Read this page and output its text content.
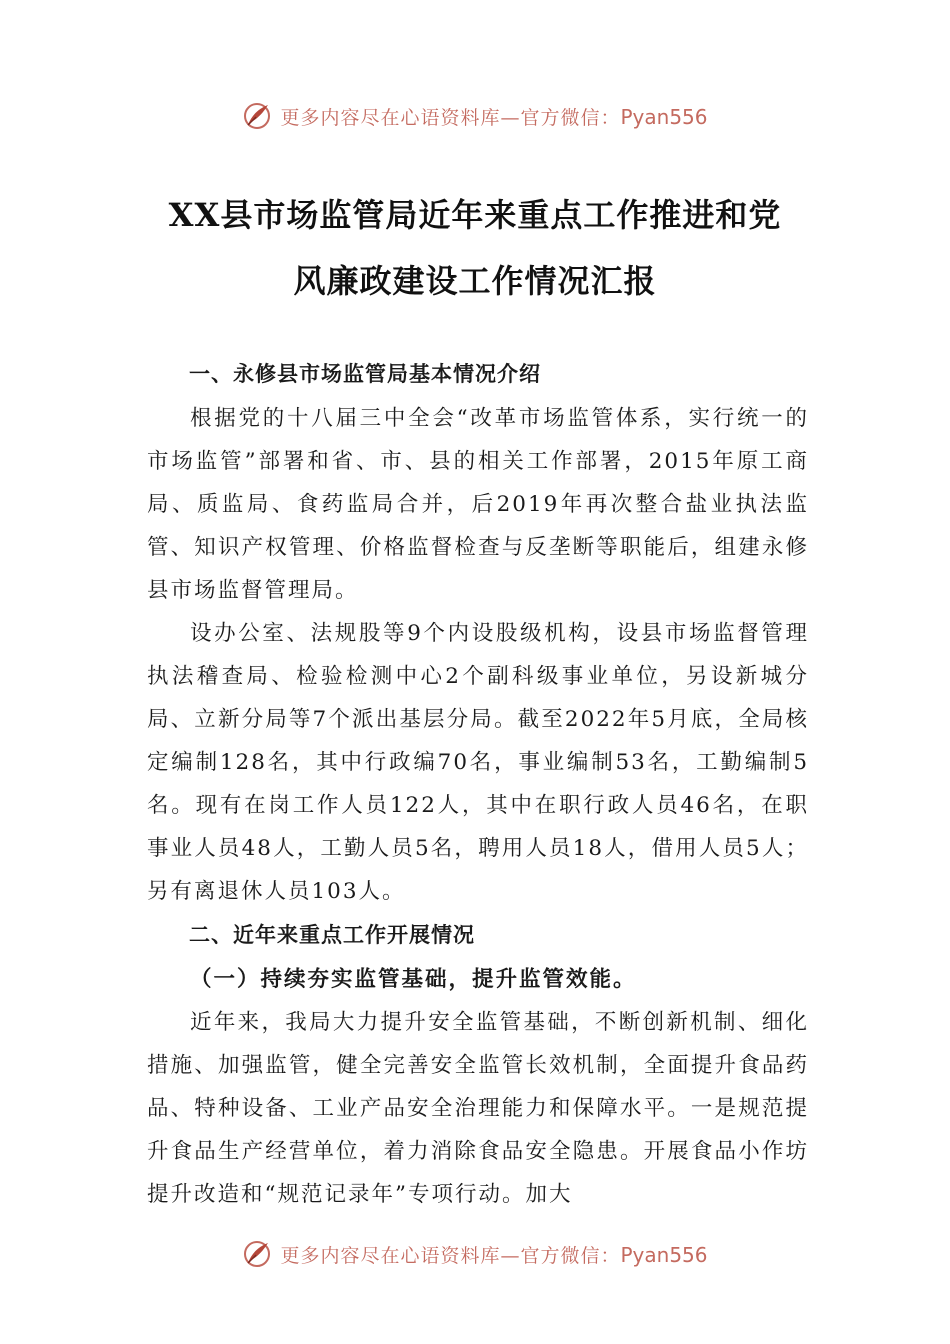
更多内容尽在心语资料库—官方微信：Pyan556
XX县市场监管局近年来重点工作推进和党
风廉政建设工作情况汇报

一、永修县市场监管局基本情况介绍

根据党的十八届三中全会“改革市场监管体系，实行统一的市场监管”部署和省、市、县的相关工作部署，2015年原工商局、质监局、食药监局合并，后2019年再次整合盐业执法监管、知识产权管理、价格监督检查与反垄断等职能后，组建永修县市场监督管理局。

设办公室、法规股等9个内设股级机构，设县市场监督管理执法稽查局、检验检测中心2个副科级事业单位，另设新城分局、立新分局等7个派出基层分局。截至2022年5月底，全局核定编制128名，其中行政编70名，事业编制53名，工勤编制5名。现有在岗工作人员122人，其中在职行政人员46名，在职事业人员48人，工勤人员5名，聘用人员18人，借用人员5人；另有离退休人员103人。

二、近年来重点工作开展情况

（一）持续夯实监管基础，提升监管效能。

近年来，我局大力提升安全监管基础，不断创新机制、细化措施、加强监管，健全完善安全监管长效机制，全面提升食品药品、特种设备、工业产品安全治理能力和保障水平。一是规范提升食品生产经营单位，着力消除食品安全隐患。开展食品小作坊提升改造和“规范记录年”专项行动。加大

更多内容尽在心语资料库—官方微信：Pyan556
